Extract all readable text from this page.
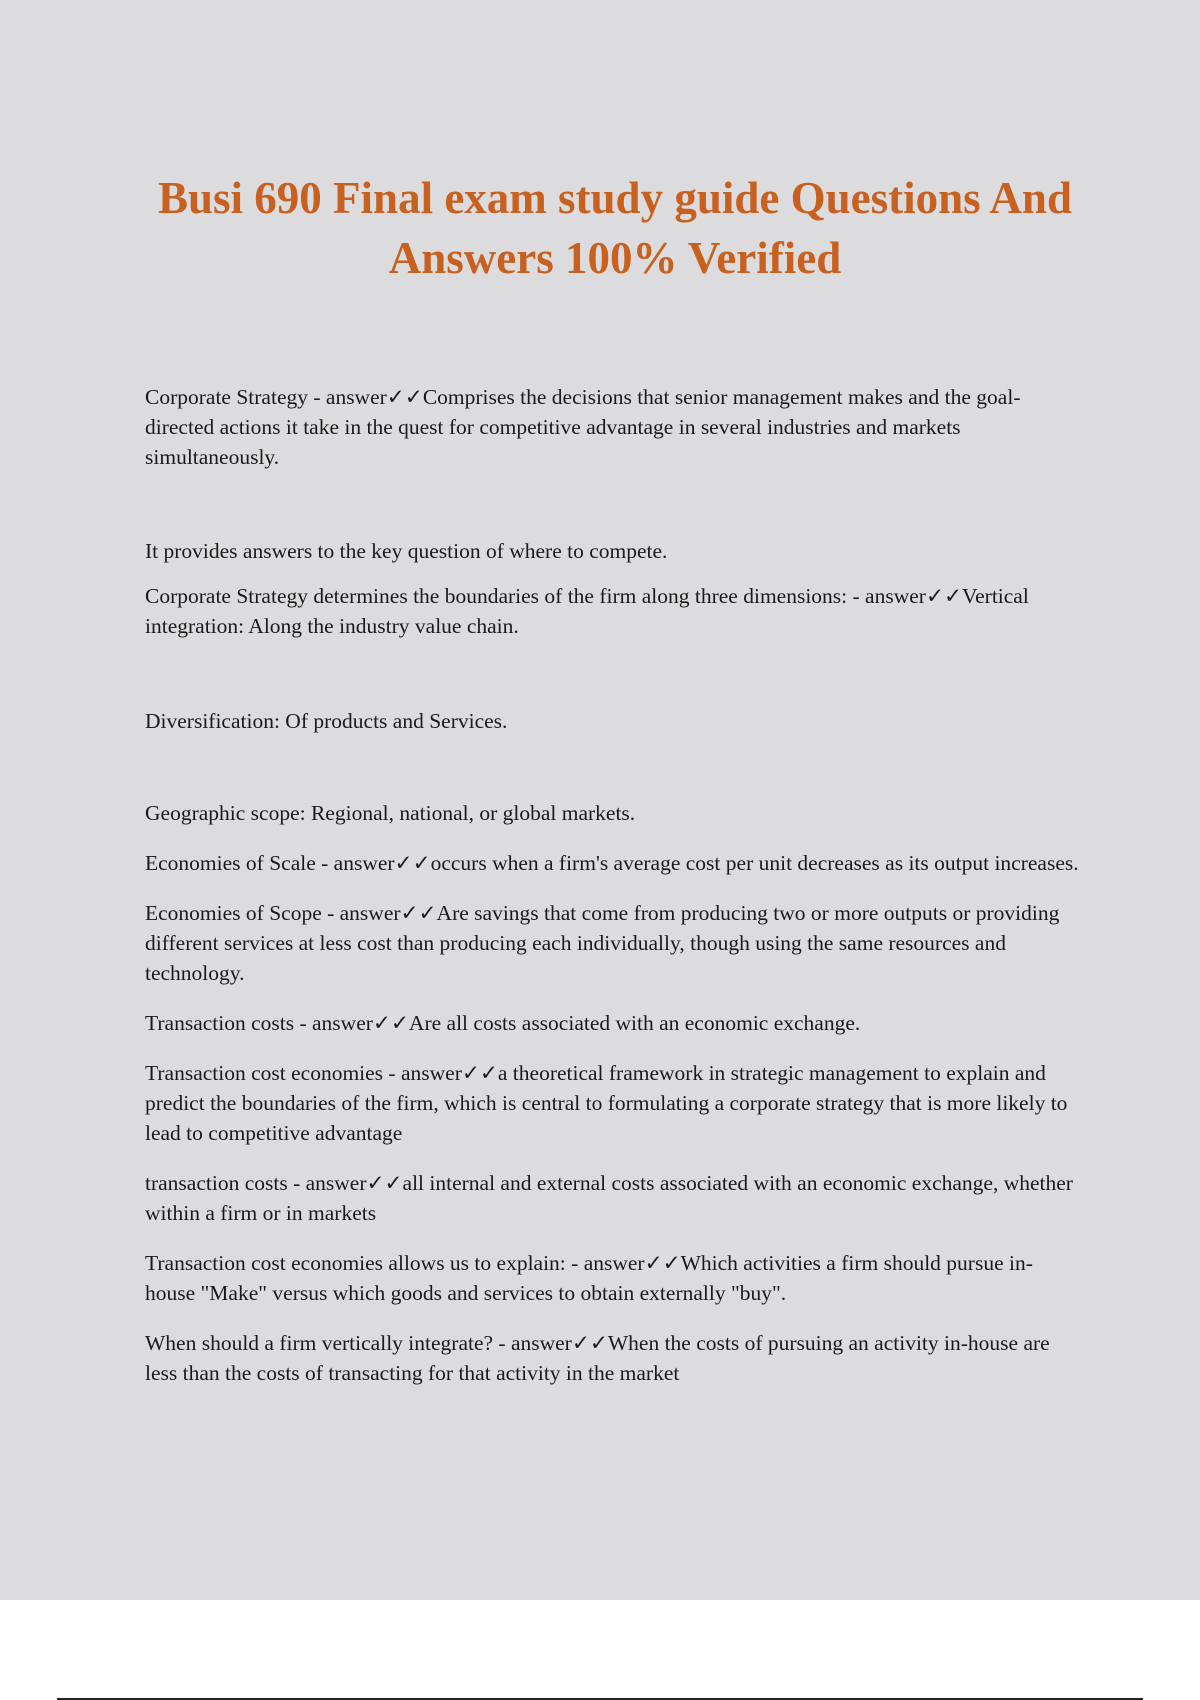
Busi 690 Final exam study guide Questions And Answers 100% Verified

Corporate Strategy - answer✓✓Comprises the decisions that senior management makes and the goal-directed actions it take in the quest for competitive advantage in several industries and markets simultaneously.

It provides answers to the key question of where to compete.

Corporate Strategy determines the boundaries of the firm along three dimensions: - answer✓✓Vertical integration: Along the industry value chain.

Diversification: Of products and Services.

Geographic scope: Regional, national, or global markets.

Economies of Scale - answer✓✓occurs when a firm's average cost per unit decreases as its output increases.

Economies of Scope - answer✓✓Are savings that come from producing two or more outputs or providing different services at less cost than producing each individually, though using the same resources and technology.

Transaction costs - answer✓✓Are all costs associated with an economic exchange.

Transaction cost economies - answer✓✓a theoretical framework in strategic management to explain and predict the boundaries of the firm, which is central to formulating a corporate strategy that is more likely to lead to competitive advantage

transaction costs - answer✓✓all internal and external costs associated with an economic exchange, whether within a firm or in markets

Transaction cost economies allows us to explain: - answer✓✓Which activities a firm should pursue in-house "Make" versus which goods and services to obtain externally "buy".

When should a firm vertically integrate? - answer✓✓When the costs of pursuing an activity in-house are less than the costs of transacting for that activity in the market
